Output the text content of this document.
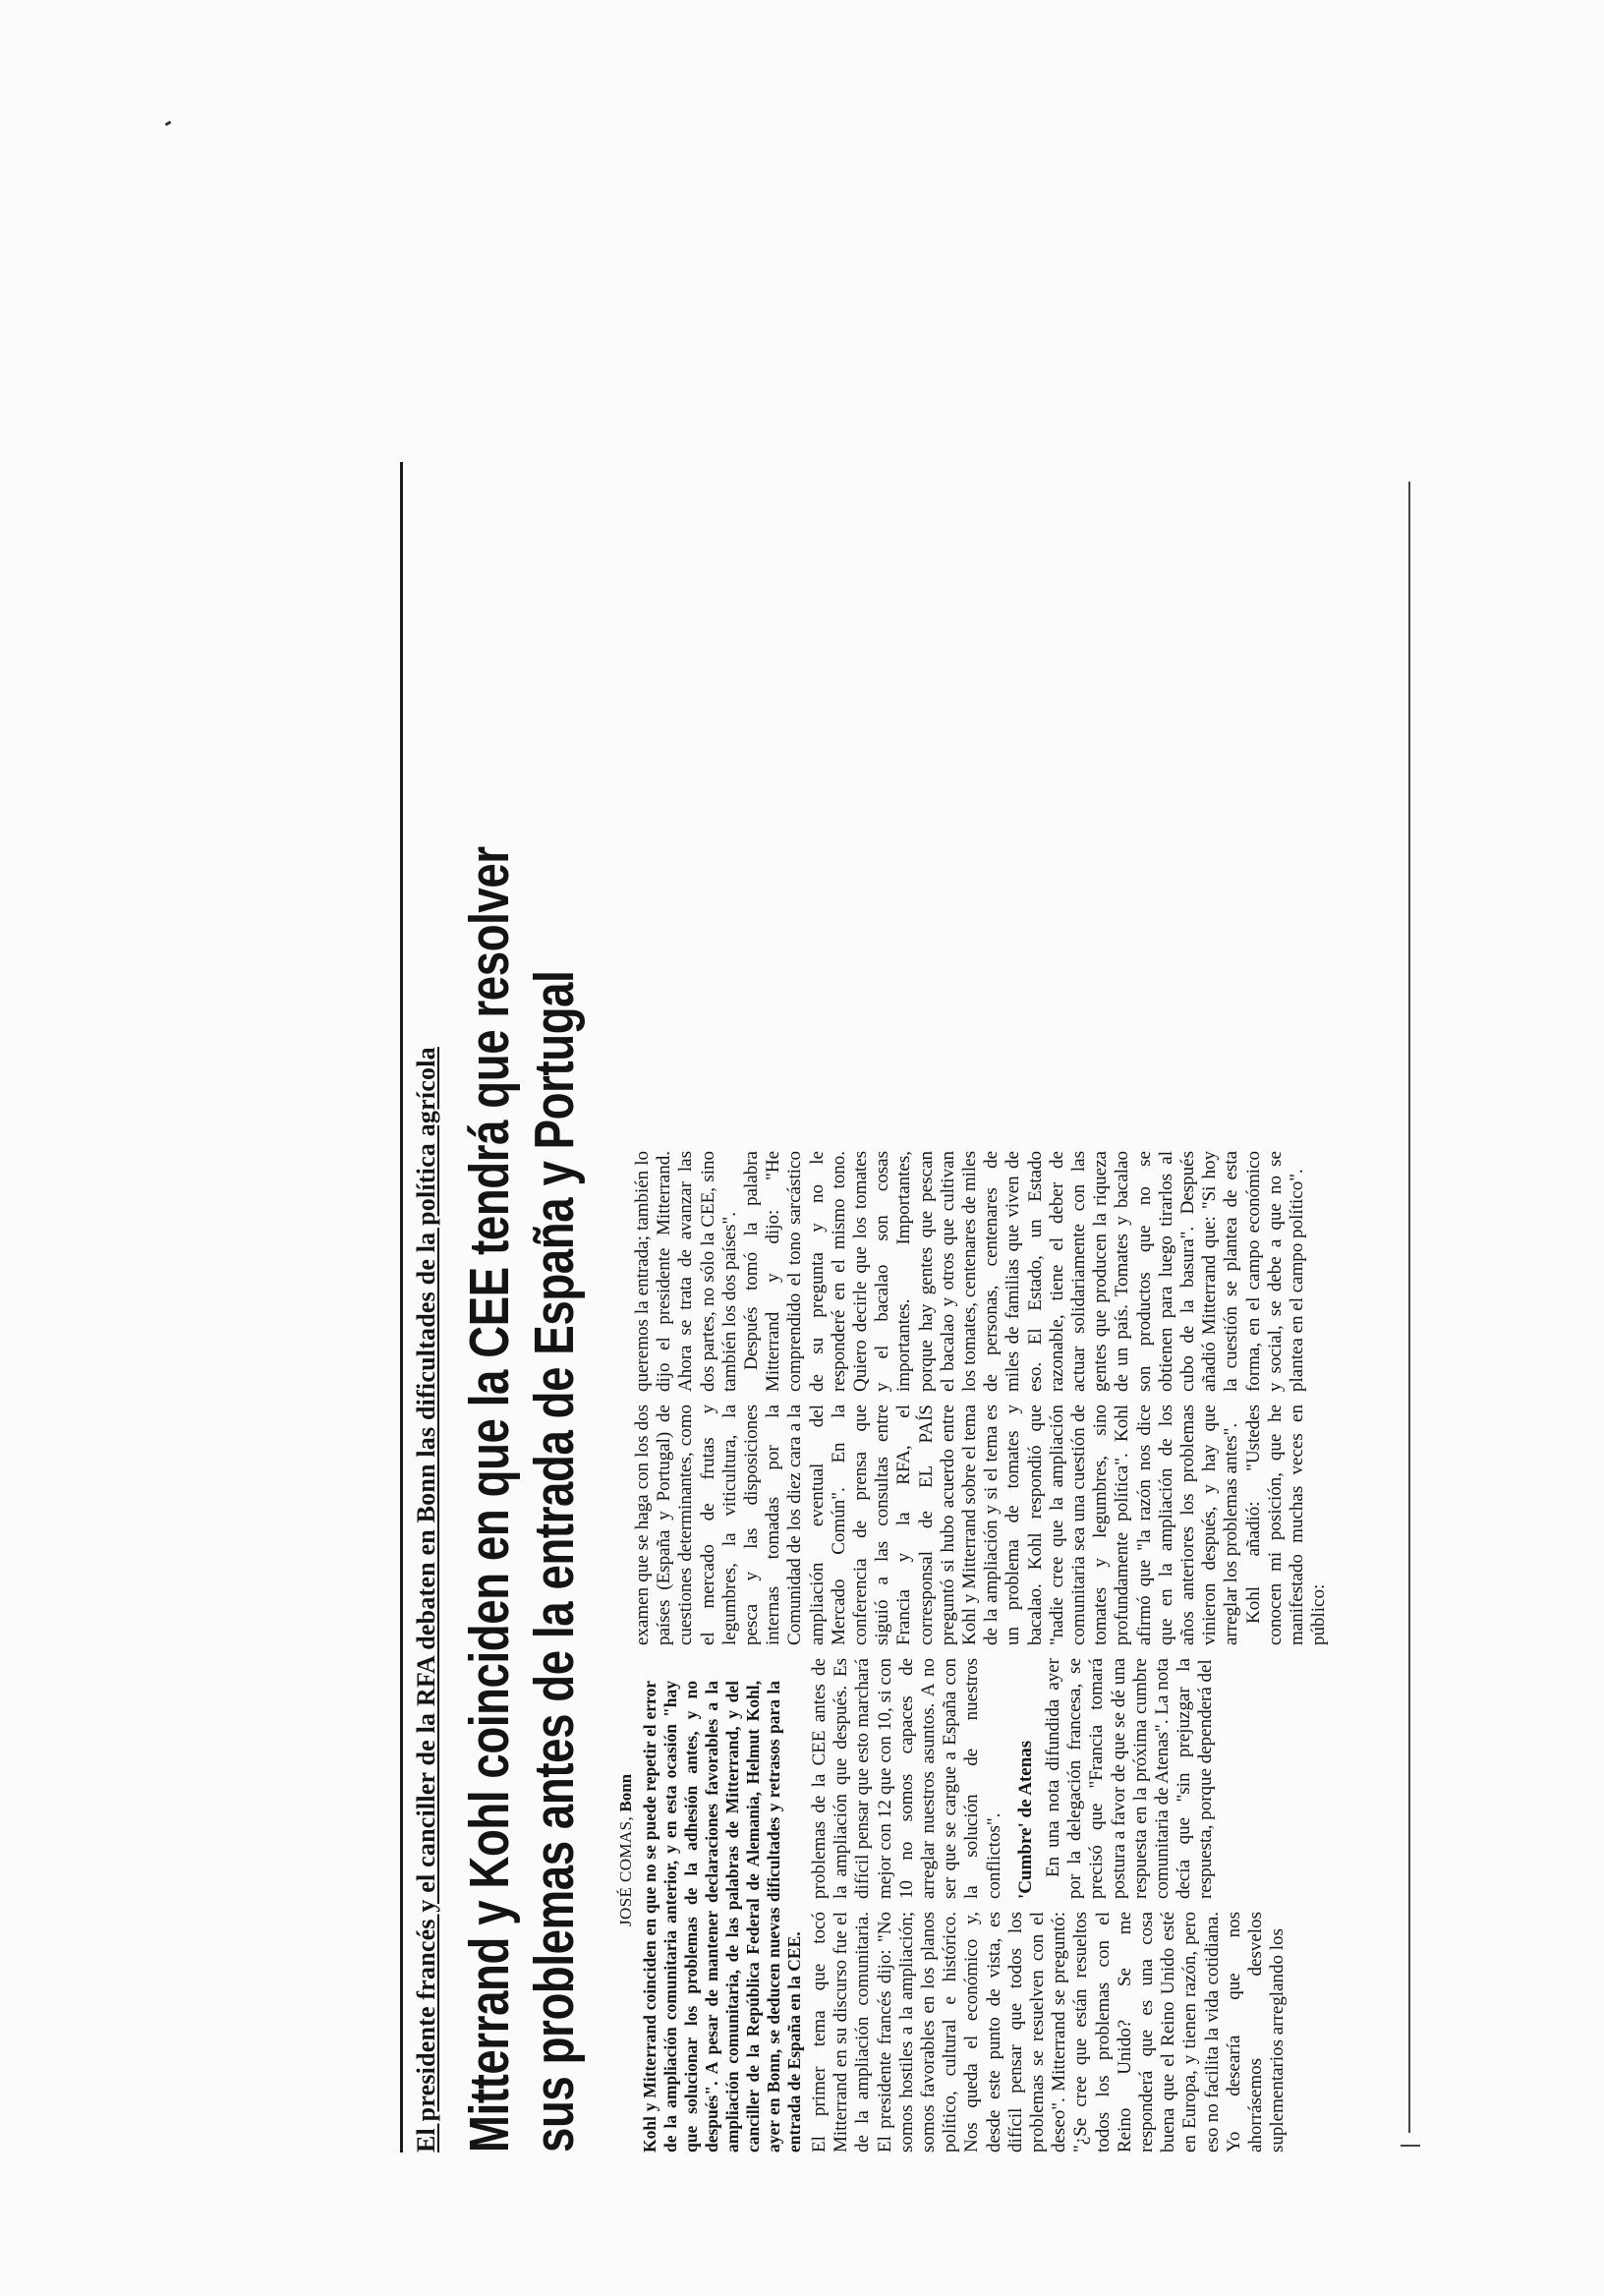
El presidente francés y el canciller de la RFA debaten en Bonn las dificultades de la política agrícola Mitterrand y Kohl coinciden en que la CEE tendrá que resolver sus problemas antes de la entrada de España y Portugal JOSÉ COMAS, Bonn Kohl y Mitterrand coinciden en que no se puede repetir el error de la ampliación comunitaria anterior, y en esta ocasión "hay que solucionar los problemas de la adhesión antes, y no después". A pesar de mantener declaraciones favorables a la ampliación comunitaria, de las palabras de Mitterrand, y del canciller de la República Federal de Alemania, Helmut Kohl, ayer en Bonn, se deducen nuevas dificultades y retrasos para la entrada de España en la CEE. El primer tema que tocó Mitterrand en su discurso fue el de la ampliación comunitaria. El presidente francés dijo: "No somos hostiles a la ampliación; somos favorables en los planos político, cultural e histórico. Nos queda el económico y, desde este punto de vista, es difícil pensar que todos los problemas se resuelven con el deseo". Mitterrand se preguntó: "¿Se cree que están resueltos todos los problemas con el Reino Unido? Se me responderá que es una cosa buena que el Reino Unido esté en Europa, y tienen razón, pero eso no facilita la vida cotidiana. Yo desearía que nos ahorrásemos desvelos suplementarios arreglando los

problemas de la CEE antes de la ampliación que después. Es difícil pensar que esto marchará mejor con 12 que con 10, si con 10 no somos capaces de arreglar nuestros asuntos. A no ser que se cargue a España con la solución de nuestros conflictos". 'Cumbre' de Atenas En una nota difundida ayer por la delegación francesa, se precisó que "Francia tomará postura a favor de que se dé una respuesta en la próxima cumbre comunitaria de Atenas". La nota decía que "sin prejuzgar la respuesta, porque dependerá del

examen que se haga con los dos países (España y Portugal) de cuestiones determinantes, como el mercado de frutas y legumbres, la viticultura, la pesca y las disposiciones internas tomadas por la Comunidad de los diez cara a la ampliación eventual del Mercado Común". En la conferencia de prensa que siguió a las consultas entre Francia y la RFA, el corresponsal de EL PAÍS preguntó si hubo acuerdo entre Kohl y Mitterrand sobre el tema de la ampliación y si el tema es un problema de tomates y bacalao. Kohl respondió que "nadie cree que la ampliación comunitaria sea una cuestión de tomates y legumbres, sino profundamente política". Kohl afirmó que "la razón nos dice que en la ampliación de los años anteriores los problemas vinieron después, y hay que arreglar los problemas antes". Kohl añadió: "Ustedes conocen mi posición, que he manifestado muchas veces en público:

queremos la entrada; también lo dijo el presidente Mitterrand. Ahora se trata de avanzar las dos partes, no sólo la CEE, sino también los dos países". Después tomó la palabra Mitterrand y dijo: "He comprendido el tono sarcástico de su pregunta y no le responderé en el mismo tono. Quiero decirle que los tomates y el bacalao son cosas importantes. Importantes, porque hay gentes que pescan el bacalao y otros que cultivan los tomates, centenares de miles de personas, centenares de miles de familias que viven de eso. El Estado, un Estado razonable, tiene el deber de actuar solidariamente con las gentes que producen la riqueza de un país. Tomates y bacalao son productos que no se obtienen para luego tirarlos al cubo de la basura". Después añadió Mitterrand que: "Si hoy la cuestión se plantea de esta forma, en el campo económico y social, se debe a que no se plantea en el campo político".
